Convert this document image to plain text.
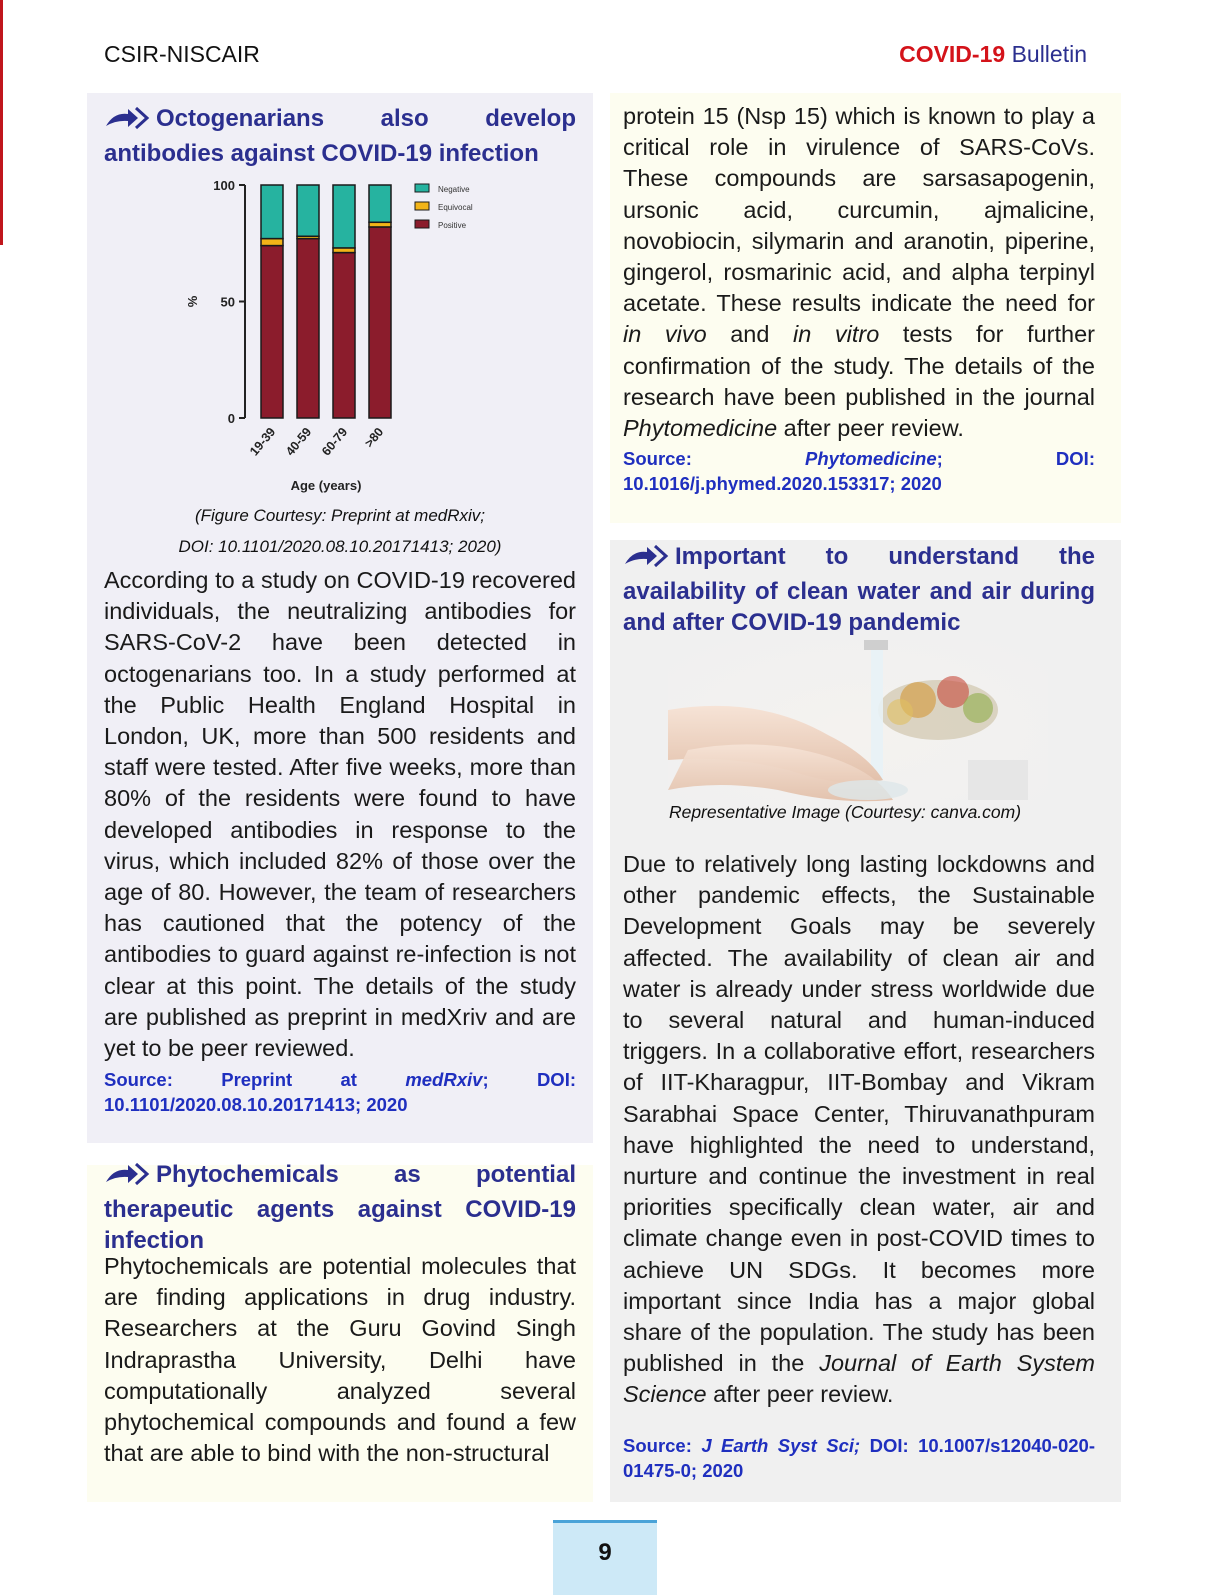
CSIR-NISCAIR	COVID-19 Bulletin
Octogenarians also develop antibodies against COVID-19 infection
0
50
100
%
19-39 40-59 60-79 >80
Age (years)
Negative
Equivocal
Positive
(Figure Courtesy: Preprint at medRxiv;
DOI: 10.1101/2020.08.10.20171413; 2020)
According to a study on COVID-19 recovered individuals, the neutralizing antibodies for SARS-CoV-2 have been detected in octogenarians too. In a study performed at the Public Health England Hospital in London, UK, more than 500 residents and staff were tested. After five weeks, more than 80% of the residents were found to have developed antibodies in response to the virus, which included 82% of those over the age of 80. However, the team of researchers has cautioned that the potency of the antibodies to guard against re-infection is not clear at this point. The details of the study are published as preprint in medXriv and are yet to be peer reviewed.
Source: Preprint at medRxiv; DOI: 10.1101/2020.08.10.20171413; 2020
Phytochemicals as potential therapeutic agents against COVID-19 infection
Phytochemicals are potential molecules that are finding applications in drug industry. Researchers at the Guru Govind Singh Indraprastha University, Delhi have computationally analyzed several phytochemical compounds and found a few that are able to bind with the non-structural
protein 15 (Nsp 15) which is known to play a critical role in virulence of SARS-CoVs. These compounds are sarsasapogenin, ursonic acid, curcumin, ajmalicine, novobiocin, silymarin and aranotin, piperine, gingerol, rosmarinic acid, and alpha terpinyl acetate. These results indicate the need for in vivo and in vitro tests for further confirmation of the study. The details of the research have been published in the journal Phytomedicine after peer review.
Source: Phytomedicine; DOI: 10.1016/j.phymed.2020.153317; 2020
Important to understand the availability of clean water and air during and after COVID-19 pandemic
Representative Image (Courtesy: canva.com)
Due to relatively long lasting lockdowns and other pandemic effects, the Sustainable Development Goals may be severely affected. The availability of clean air and water is already under stress worldwide due to several natural and human-induced triggers. In a collaborative effort, researchers of IIT-Kharagpur, IIT-Bombay and Vikram Sarabhai Space Center, Thiruvanathpuram have highlighted the need to understand, nurture and continue the investment in real priorities specifically clean water, air and climate change even in post-COVID times to achieve UN SDGs. It becomes more important since India has a major global share of the population. The study has been published in the Journal of Earth System Science after peer review.
Source: J Earth Syst Sci; DOI: 10.1007/s12040-020-01475-0; 2020
9
